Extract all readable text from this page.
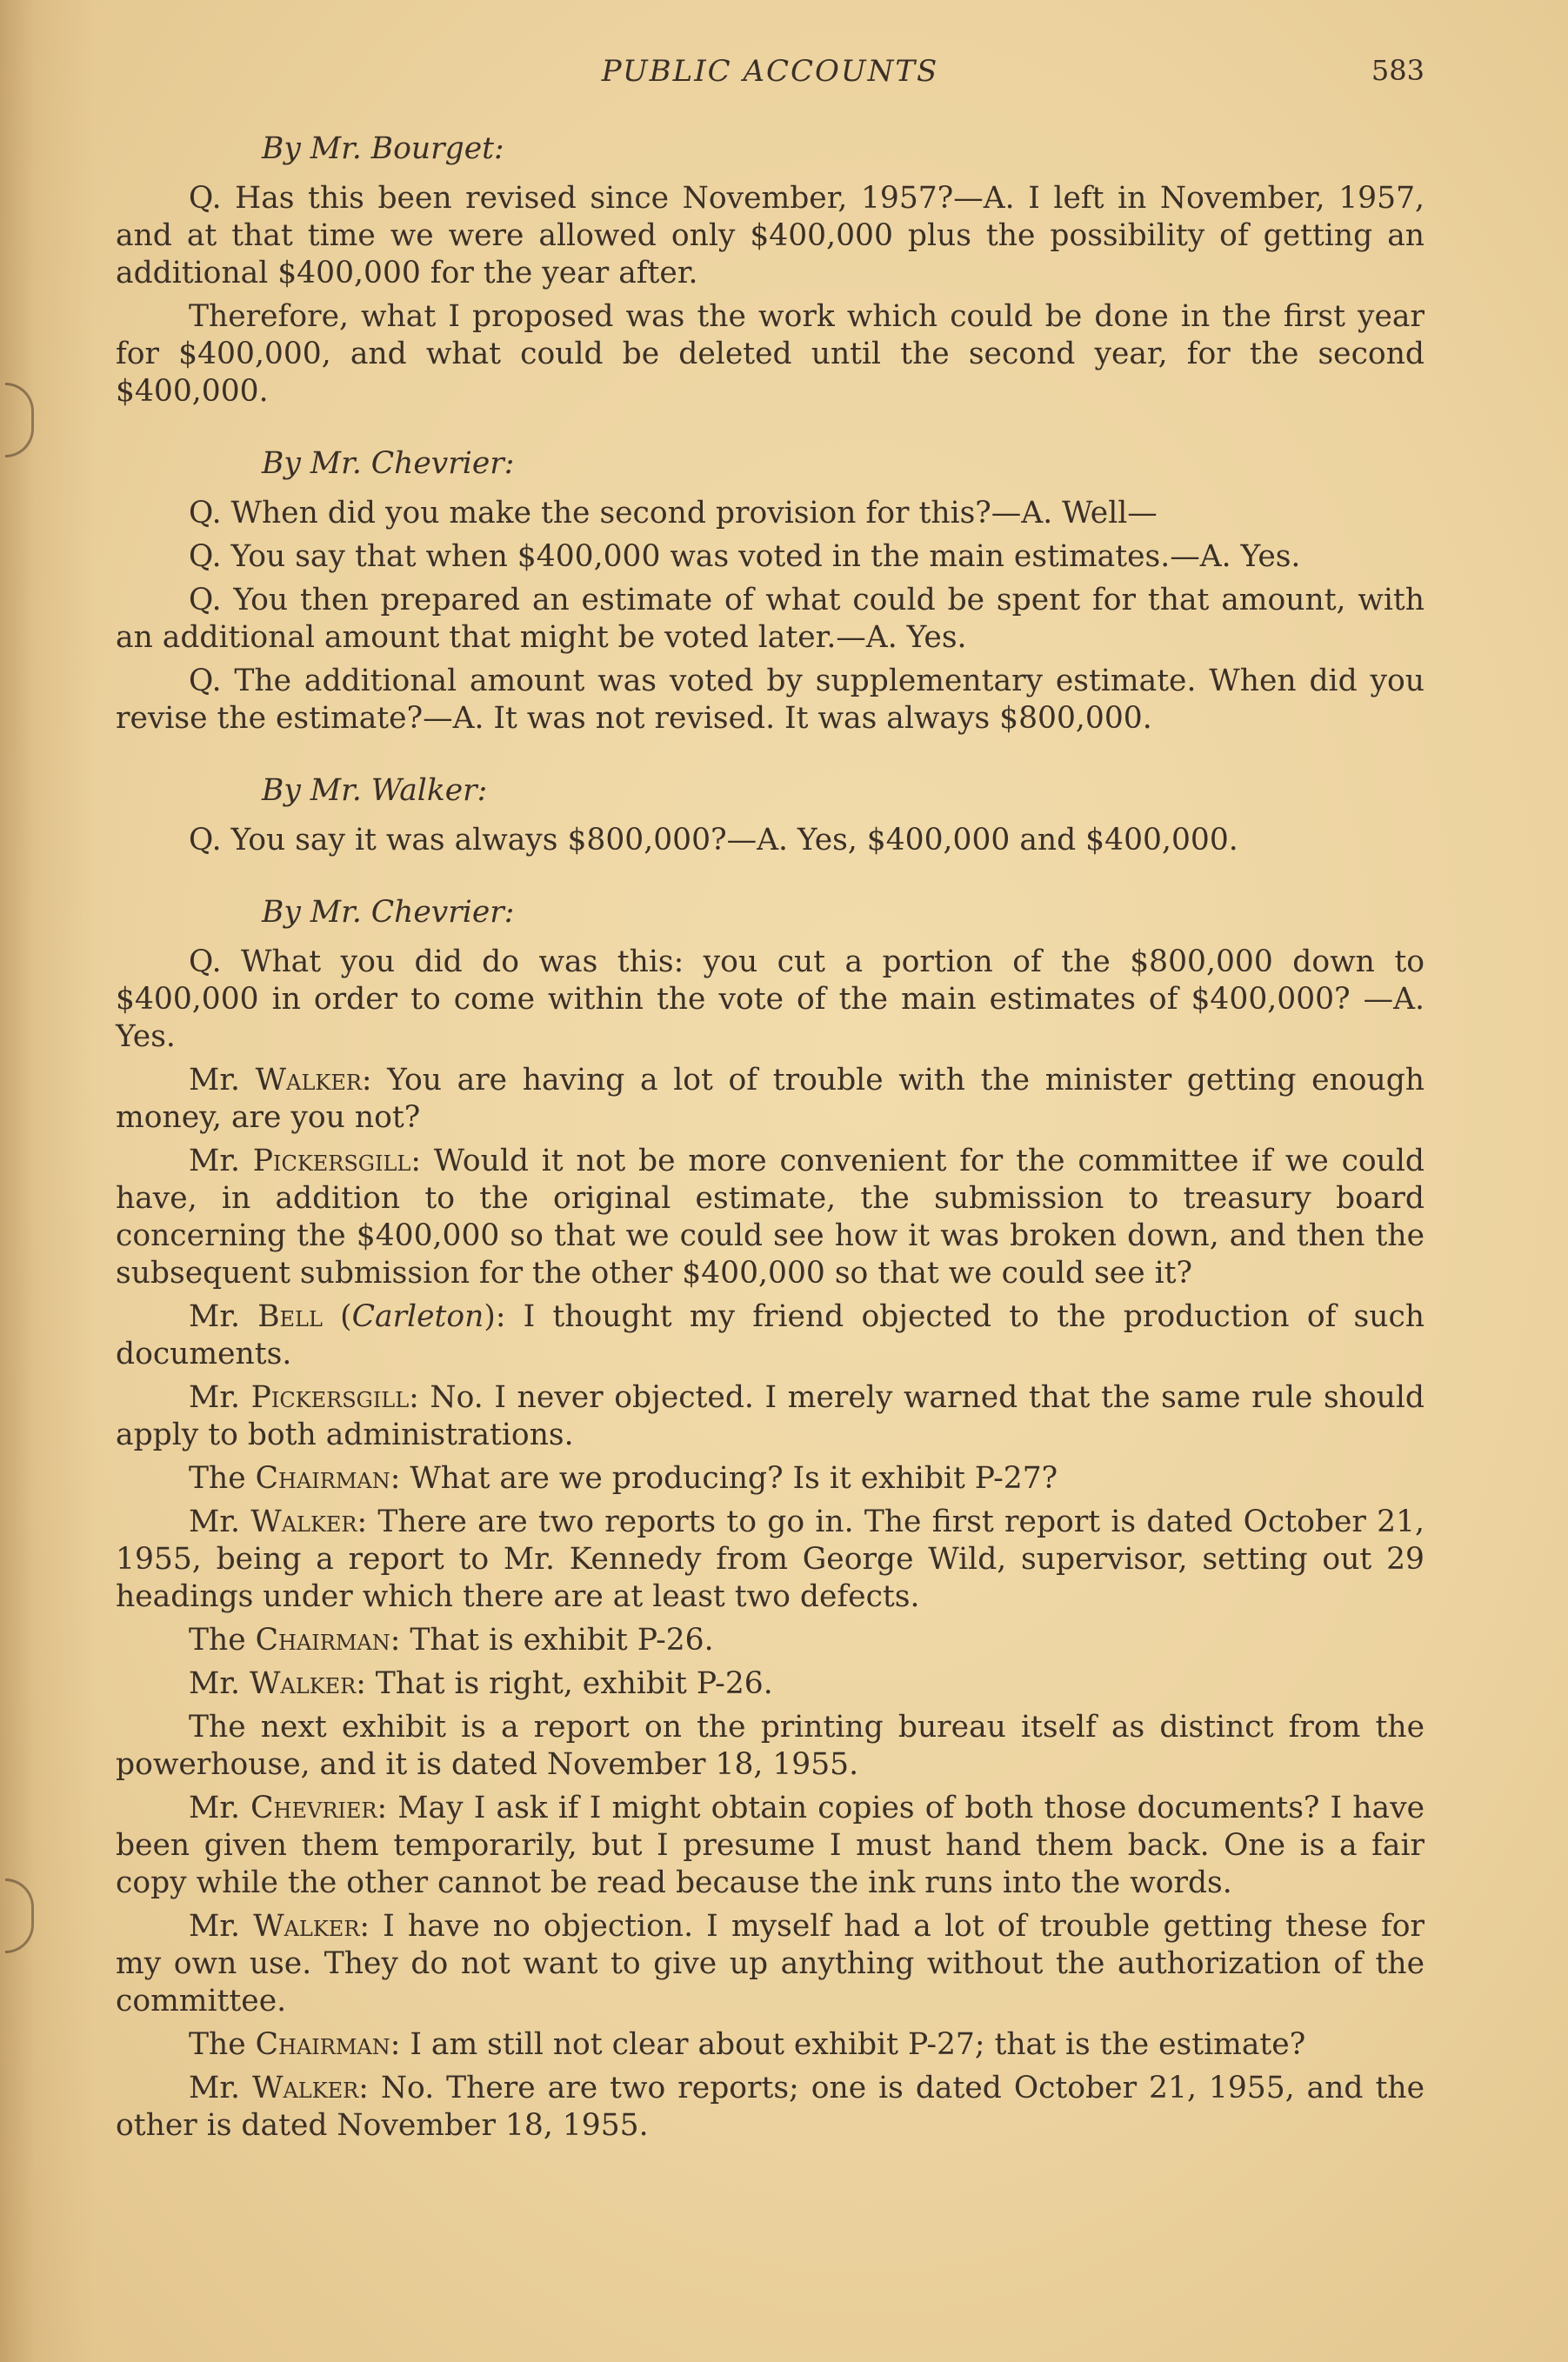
PUBLIC ACCOUNTS	583

By Mr. Bourget:

Q. Has this been revised since November, 1957?—A. I left in November, 1957, and at that time we were allowed only $400,000 plus the possibility of getting an additional $400,000 for the year after.

Therefore, what I proposed was the work which could be done in the first year for $400,000, and what could be deleted until the second year, for the second $400,000.

By Mr. Chevrier:

Q. When did you make the second provision for this?—A. Well—

Q. You say that when $400,000 was voted in the main estimates.—A. Yes.

Q. You then prepared an estimate of what could be spent for that amount, with an additional amount that might be voted later.—A. Yes.

Q. The additional amount was voted by supplementary estimate. When did you revise the estimate?—A. It was not revised. It was always $800,000.

By Mr. Walker:

Q. You say it was always $800,000?—A. Yes, $400,000 and $400,000.

By Mr. Chevrier:

Q. What you did do was this: you cut a portion of the $800,000 down to $400,000 in order to come within the vote of the main estimates of $400,000? —A. Yes.

Mr. Walker: You are having a lot of trouble with the minister getting enough money, are you not?

Mr. Pickersgill: Would it not be more convenient for the committee if we could have, in addition to the original estimate, the submission to treasury board concerning the $400,000 so that we could see how it was broken down, and then the subsequent submission for the other $400,000 so that we could see it?

Mr. Bell (Carleton): I thought my friend objected to the production of such documents.

Mr. Pickersgill: No. I never objected. I merely warned that the same rule should apply to both administrations.

The Chairman: What are we producing? Is it exhibit P-27?

Mr. Walker: There are two reports to go in. The first report is dated October 21, 1955, being a report to Mr. Kennedy from George Wild, supervisor, setting out 29 headings under which there are at least two defects.

The Chairman: That is exhibit P-26.

Mr. Walker: That is right, exhibit P-26.

The next exhibit is a report on the printing bureau itself as distinct from the powerhouse, and it is dated November 18, 1955.

Mr. Chevrier: May I ask if I might obtain copies of both those documents? I have been given them temporarily, but I presume I must hand them back. One is a fair copy while the other cannot be read because the ink runs into the words.

Mr. Walker: I have no objection. I myself had a lot of trouble getting these for my own use. They do not want to give up anything without the authorization of the committee.

The Chairman: I am still not clear about exhibit P-27; that is the estimate?

Mr. Walker: No. There are two reports; one is dated October 21, 1955, and the other is dated November 18, 1955.
